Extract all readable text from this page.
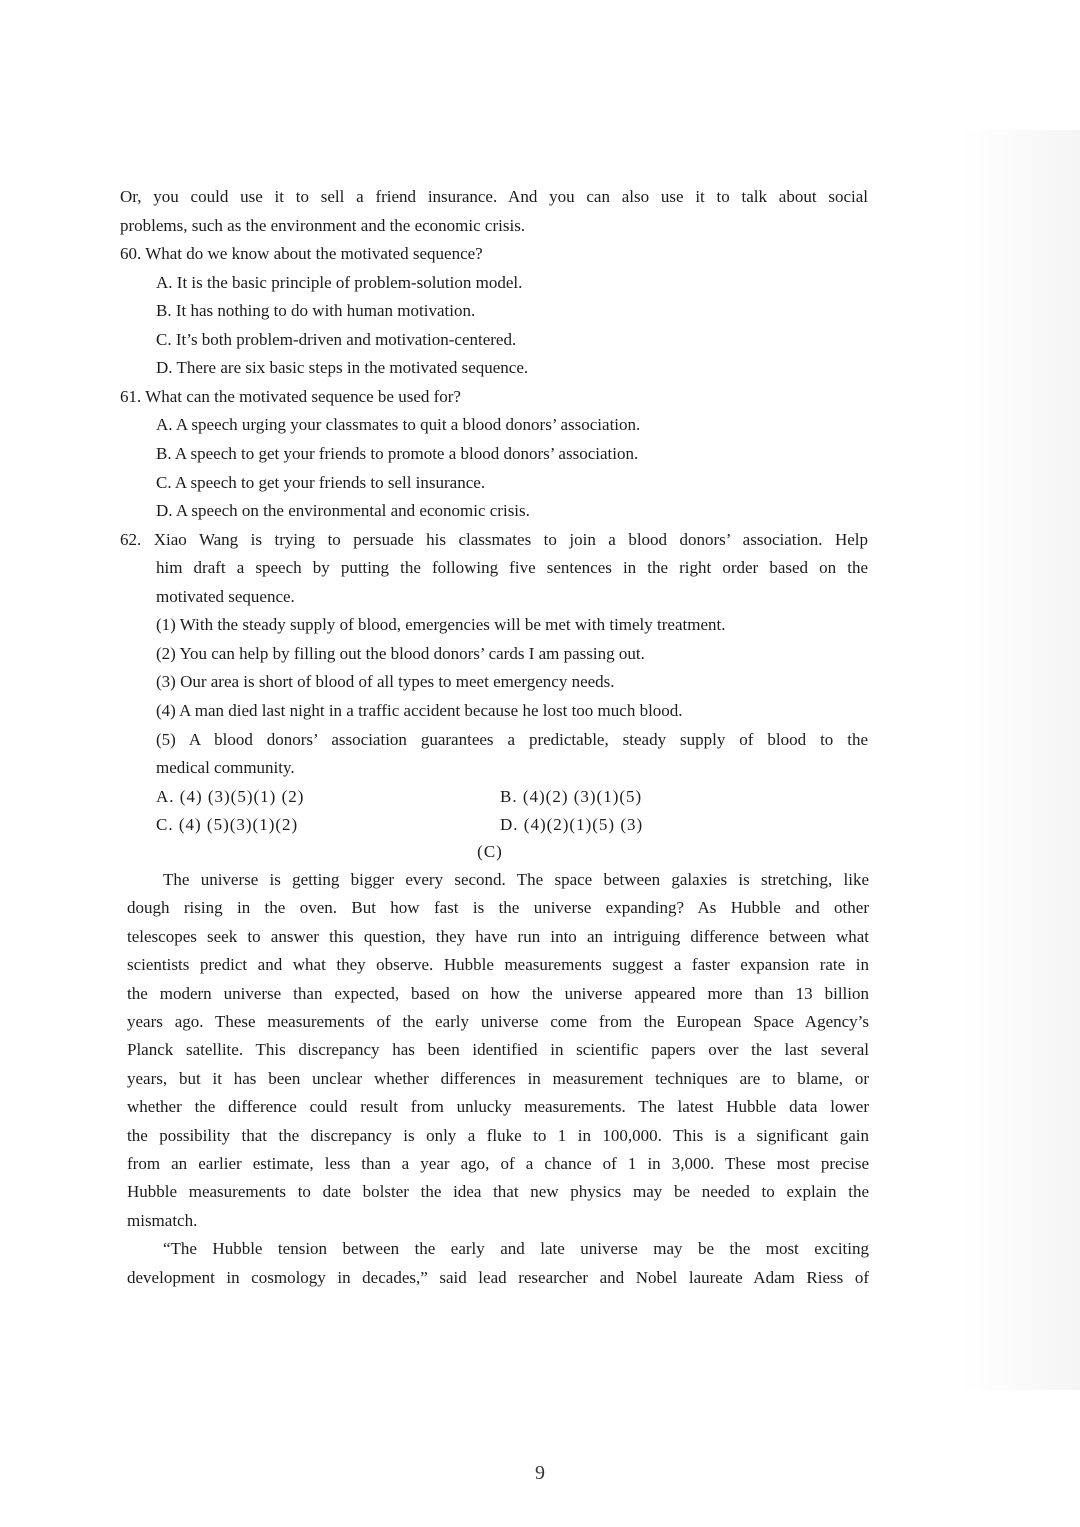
Or, you could use it to sell a friend insurance. And you can also use it to talk about social
problems, such as the environment and the economic crisis.
60. What do we know about the motivated sequence?
A. It is the basic principle of problem-solution model.
B. It has nothing to do with human motivation.
C. It’s both problem-driven and motivation-centered.
D. There are six basic steps in the motivated sequence.
61. What can the motivated sequence be used for?
A. A speech urging your classmates to quit a blood donors’ association.
B. A speech to get your friends to promote a blood donors’ association.
C. A speech to get your friends to sell insurance.
D. A speech on the environmental and economic crisis.
62. Xiao Wang is trying to persuade his classmates to join a blood donors’ association. Help
him draft a speech by putting the following five sentences in the right order based on the
motivated sequence.
(1) With the steady supply of blood, emergencies will be met with timely treatment.
(2) You can help by filling out the blood donors’ cards I am passing out.
(3) Our area is short of blood of all types to meet emergency needs.
(4) A man died last night in a traffic accident because he lost too much blood.
(5) A blood donors’ association guarantees a predictable, steady supply of blood to the
medical community.
A. (4) (3)(5)(1) (2)	B. (4)(2) (3)(1)(5)
C. (4) (5)(3)(1)(2)	D. (4)(2)(1)(5) (3)
(C)
The universe is getting bigger every second. The space between galaxies is stretching, like
dough rising in the oven. But how fast is the universe expanding? As Hubble and other
telescopes seek to answer this question, they have run into an intriguing difference between what
scientists predict and what they observe. Hubble measurements suggest a faster expansion rate in
the modern universe than expected, based on how the universe appeared more than 13 billion
years ago. These measurements of the early universe come from the European Space Agency’s
Planck satellite. This discrepancy has been identified in scientific papers over the last several
years, but it has been unclear whether differences in measurement techniques are to blame, or
whether the difference could result from unlucky measurements. The latest Hubble data lower
the possibility that the discrepancy is only a fluke to 1 in 100,000. This is a significant gain
from an earlier estimate, less than a year ago, of a chance of 1 in 3,000. These most precise
Hubble measurements to date bolster the idea that new physics may be needed to explain the
mismatch.
“The Hubble tension between the early and late universe may be the most exciting
development in cosmology in decades,” said lead researcher and Nobel laureate Adam Riess of
9
